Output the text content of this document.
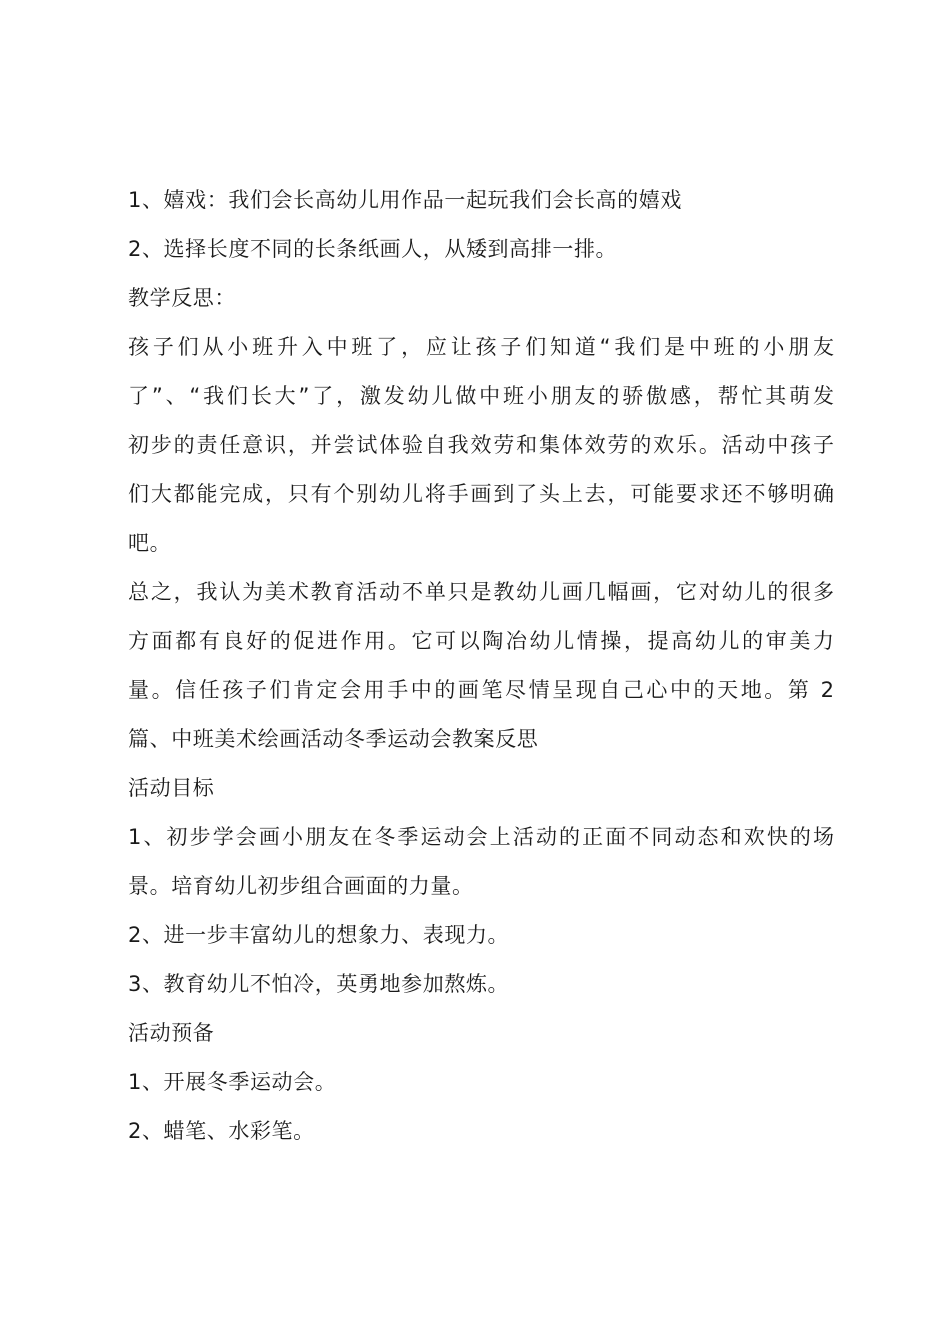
1、嬉戏：我们会长高幼儿用作品一起玩我们会长高的嬉戏
2、选择长度不同的长条纸画人，从矮到高排一排。
教学反思：
孩子们从小班升入中班了，应让孩子们知道“我们是中班的小朋友
了”、“我们长大”了，激发幼儿做中班小朋友的骄傲感，帮忙其萌发
初步的责任意识，并尝试体验自我效劳和集体效劳的欢乐。活动中孩子
们大都能完成，只有个别幼儿将手画到了头上去，可能要求还不够明确
吧。
总之，我认为美术教育活动不单只是教幼儿画几幅画，它对幼儿的很多
方面都有良好的促进作用。它可以陶冶幼儿情操，提高幼儿的审美力
量。信任孩子们肯定会用手中的画笔尽情呈现自己心中的天地。第 2
篇、中班美术绘画活动冬季运动会教案反思
活动目标
1、初步学会画小朋友在冬季运动会上活动的正面不同动态和欢快的场
景。培育幼儿初步组合画面的力量。
2、进一步丰富幼儿的想象力、表现力。
3、教育幼儿不怕冷，英勇地参加熬炼。
活动预备
1、开展冬季运动会。
2、蜡笔、水彩笔。
